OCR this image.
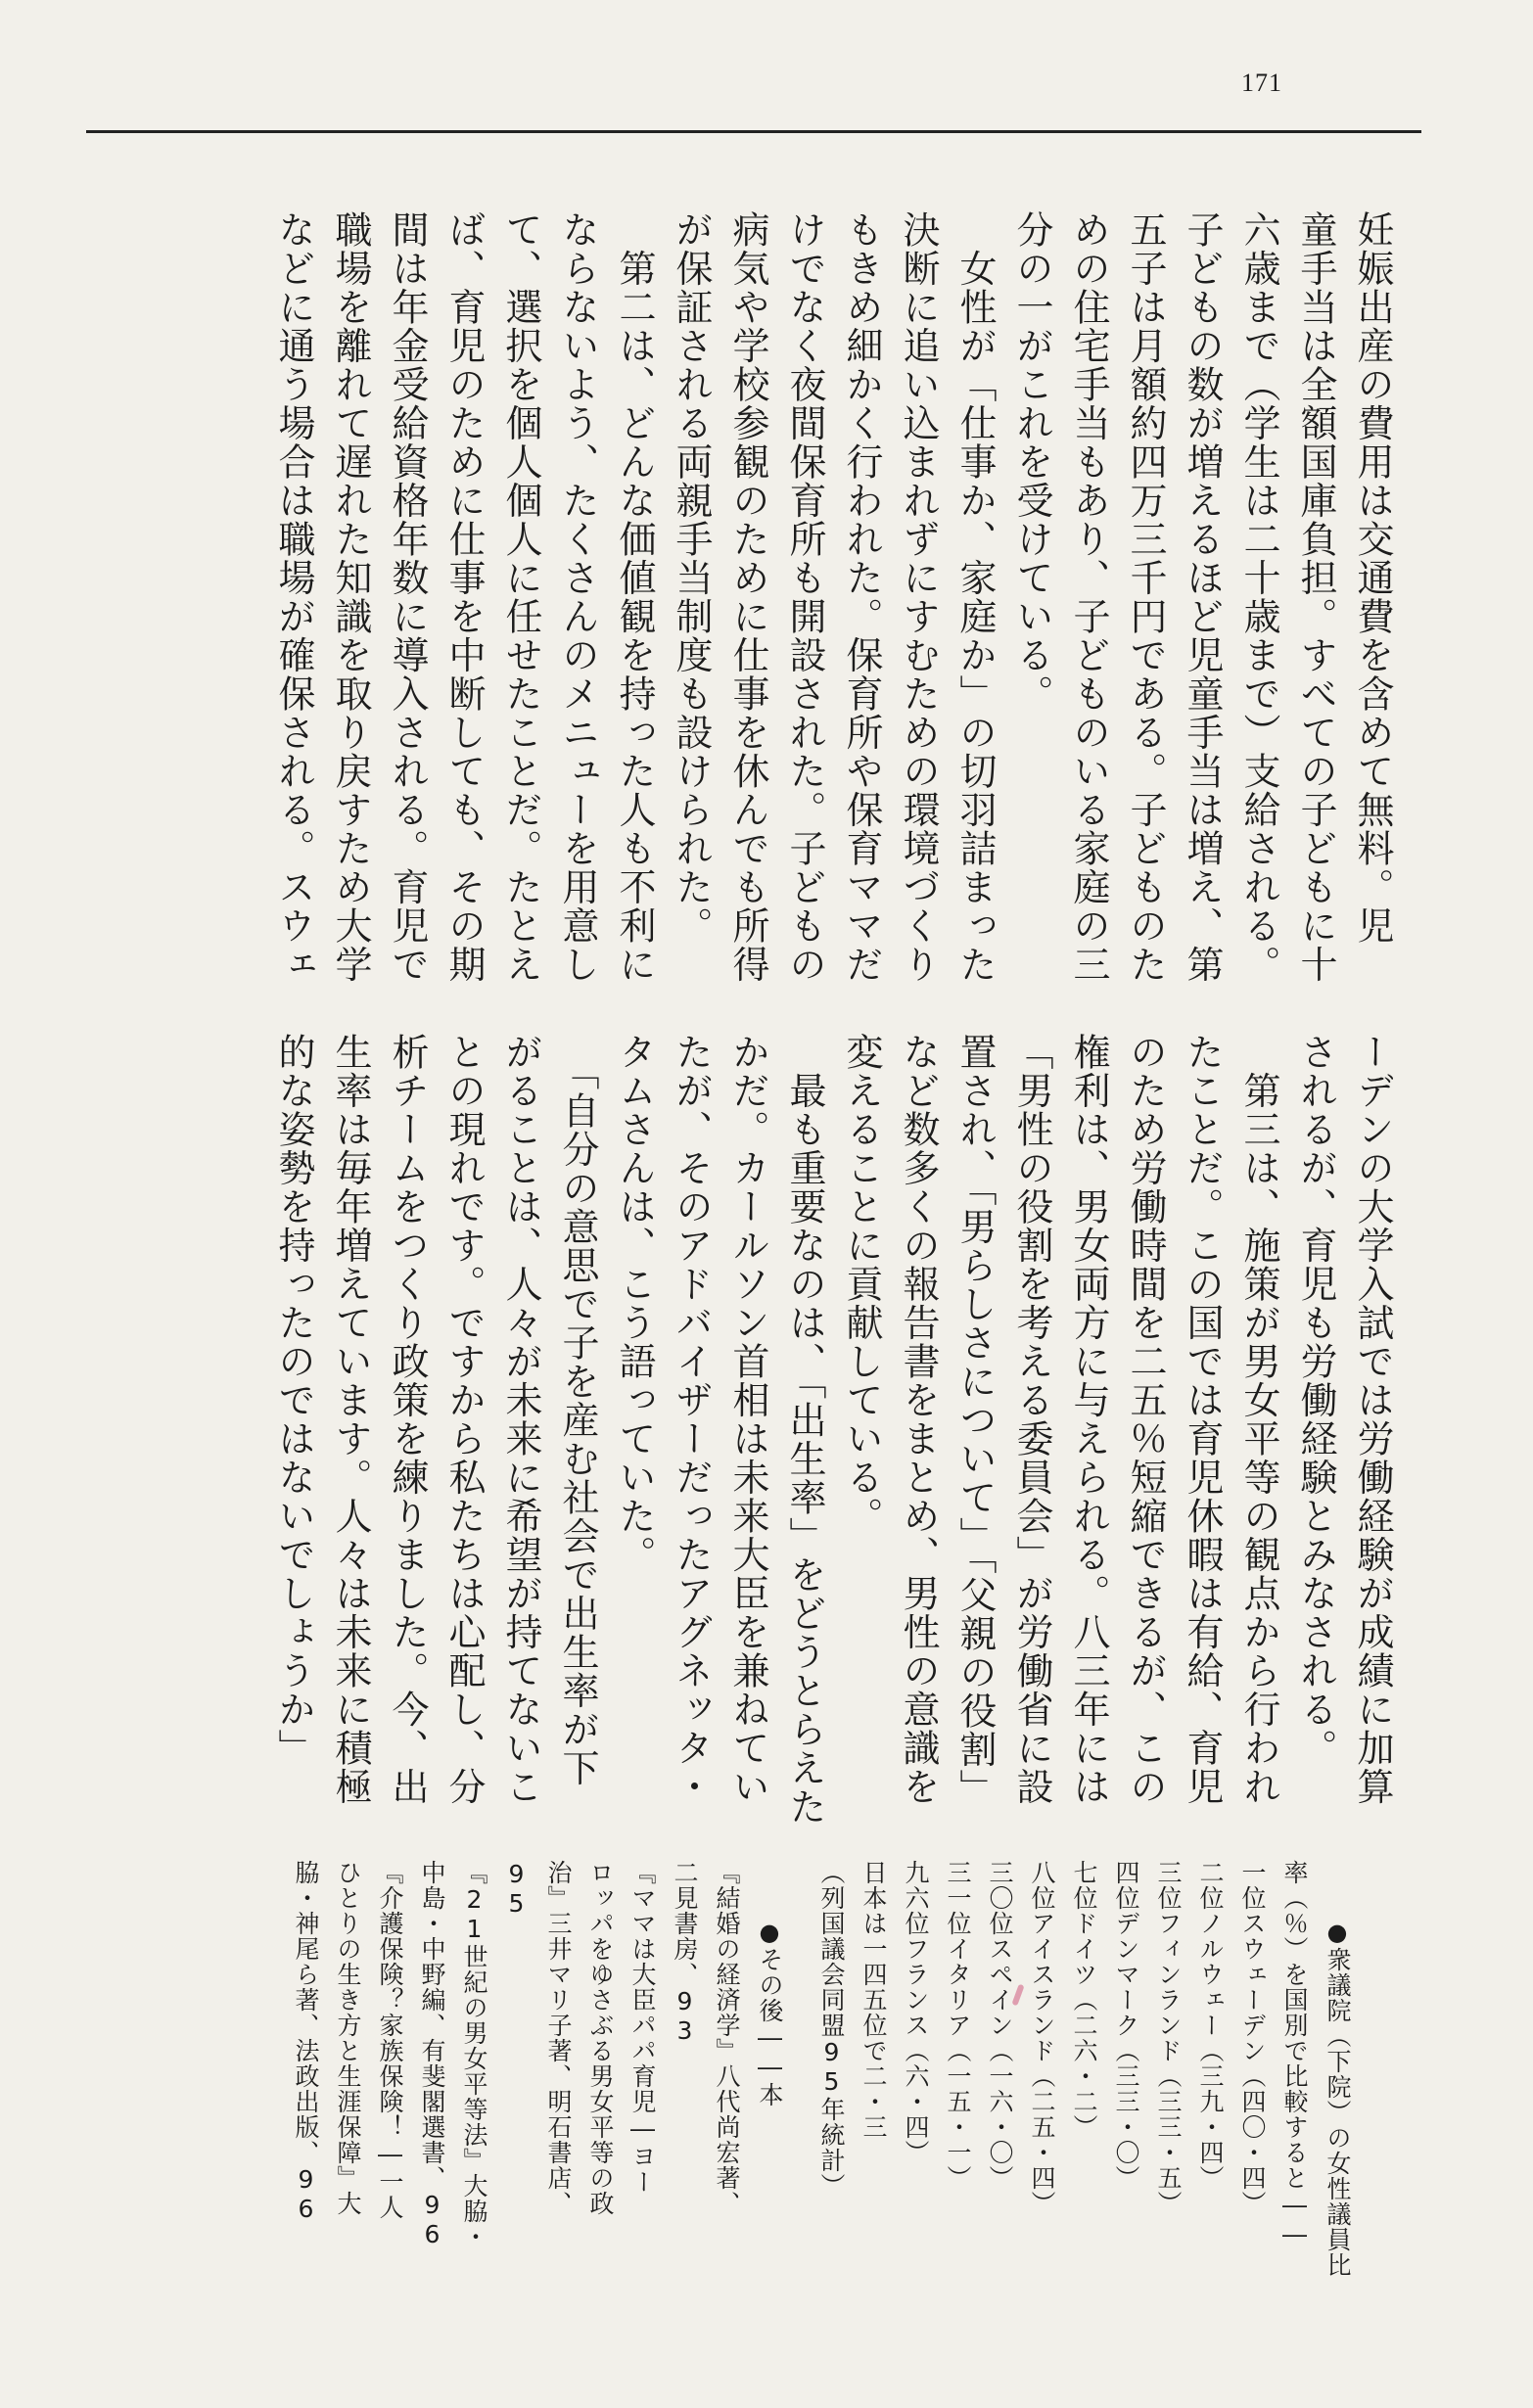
171
妊娠出産の費用は交通費を含めて無料。児
童手当は全額国庫負担。すべての子どもに十
六歳まで（学生は二十歳まで）支給される。
子どもの数が増えるほど児童手当は増え、第
五子は月額約四万三千円である。子どものた
めの住宅手当もあり、子どものいる家庭の三
分の一がこれを受けている。
　女性が「仕事か、家庭か」の切羽詰まった
決断に追い込まれずにすむための環境づくり
もきめ細かく行われた。保育所や保育ママだ
けでなく夜間保育所も開設された。子どもの
病気や学校参観のために仕事を休んでも所得
が保証される両親手当制度も設けられた。
　第二は、どんな価値観を持った人も不利に
ならないよう、たくさんのメニューを用意し
て、選択を個人個人に任せたことだ。たとえ
ば、育児のために仕事を中断しても、その期
間は年金受給資格年数に導入される。育児で
職場を離れて遅れた知識を取り戻すため大学
などに通う場合は職場が確保される。スウェ
ーデンの大学入試では労働経験が成績に加算
されるが、育児も労働経験とみなされる。
　第三は、施策が男女平等の観点から行われ
たことだ。この国では育児休暇は有給、育児
のため労働時間を二五％短縮できるが、この
権利は、男女両方に与えられる。八三年には
「男性の役割を考える委員会」が労働省に設
置され、「男らしさについて」「父親の役割」
など数多くの報告書をまとめ、男性の意識を
変えることに貢献している。
　最も重要なのは、「出生率」をどうとらえた
かだ。カールソン首相は未来大臣を兼ねてい
たが、そのアドバイザーだったアグネッタ・
タムさんは、こう語っていた。
　「自分の意思で子を産む社会で出生率が下
がることは、人々が未来に希望が持てないこ
との現れです。ですから私たちは心配し、分
析チームをつくり政策を練りました。今、出
生率は毎年増えています。人々は未来に積極
的な姿勢を持ったのではないでしょうか」

●衆議院（下院）の女性議員比
率（％）を国別で比較すると――
一位スウェーデン（四〇・四）
二位ノルウェー（三九・四）
三位フィンランド（三三・五）
四位デンマーク（三三・〇）
七位ドイツ（二六・二）
八位アイスランド（二五・四）
三〇位スペイン（一六・〇）
三一位イタリア（一五・一）
九六位フランス（六・四）
日本は一四五位で二・三
（列国議会同盟95年統計）

●その後――本
『結婚の経済学』八代尚宏著、
二見書房、93
『ママは大臣パパ育児―ヨー
ロッパをゆさぶる男女平等の政
治』三井マリ子著、明石書店、
95
『21世紀の男女平等法』大脇・
中島・中野編、有斐閣選書、96
『介護保険？家族保険！―一人
ひとりの生き方と生涯保障』大
脇・神尾ら著、法政出版、96
